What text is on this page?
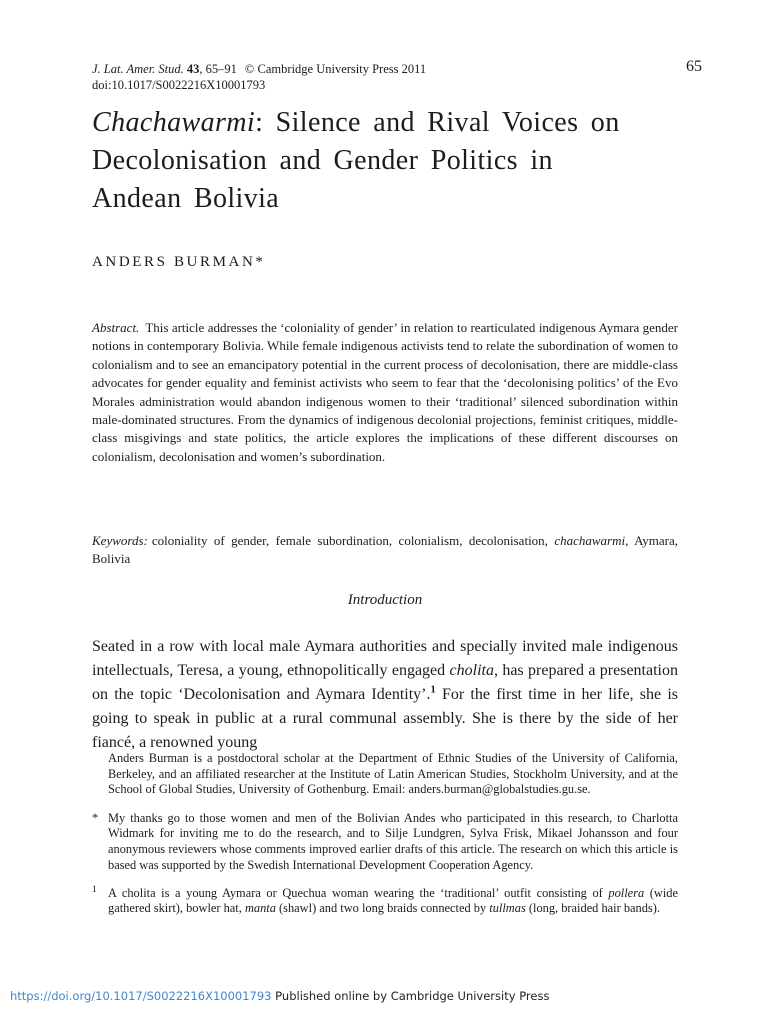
J. Lat. Amer. Stud. 43, 65–91 © Cambridge University Press 2011
doi:10.1017/S0022216X10001793
65
Chachawarmi: Silence and Rival Voices on
Decolonisation and Gender Politics in
Andean Bolivia
ANDERS BURMAN*

Abstract. This article addresses the ‘coloniality of gender’ in relation to rearticulated indigenous Aymara gender notions in contemporary Bolivia. While female indigenous activists tend to relate the subordination of women to colonialism and to see an emancipatory potential in the current process of decolonisation, there are middle-class advocates for gender equality and feminist activists who seem to fear that the ‘decolonising politics’ of the Evo Morales administration would abandon indigenous women to their ‘traditional’ silenced subordination within male-dominated structures. From the dynamics of indigenous decolonial projections, feminist critiques, middle-class misgivings and state politics, the article explores the implications of these different discourses on colonialism, decolonisation and women’s subordination.

Keywords: coloniality of gender, female subordination, colonialism, decolonisation, chachawarmi, Aymara, Bolivia

Introduction

Seated in a row with local male Aymara authorities and specially invited male indigenous intellectuals, Teresa, a young, ethnopolitically engaged cholita, has prepared a presentation on the topic ‘Decolonisation and Aymara Identity’.$^1$ For the first time in her life, she is going to speak in public at a rural communal assembly. She is there by the side of her fiancé, a renowned young

Anders Burman is a postdoctoral scholar at the Department of Ethnic Studies of the University of California, Berkeley, and an affiliated researcher at the Institute of Latin American Studies, Stockholm University, and at the School of Global Studies, University of Gothenburg. Email: anders.burman@globalstudies.gu.se.

* My thanks go to those women and men of the Bolivian Andes who participated in this research, to Charlotta Widmark for inviting me to do the research, and to Silje Lundgren, Sylva Frisk, Mikael Johansson and four anonymous reviewers whose comments improved earlier drafts of this article. The research on which this article is based was supported by the Swedish International Development Cooperation Agency.

$^1$ A cholita is a young Aymara or Quechua woman wearing the ‘traditional’ outfit consisting of pollera (wide gathered skirt), bowler hat, manta (shawl) and two long braids connected by tullmas (long, braided hair bands).

https://doi.org/10.1017/S0022216X10001793 Published online by Cambridge University Press
